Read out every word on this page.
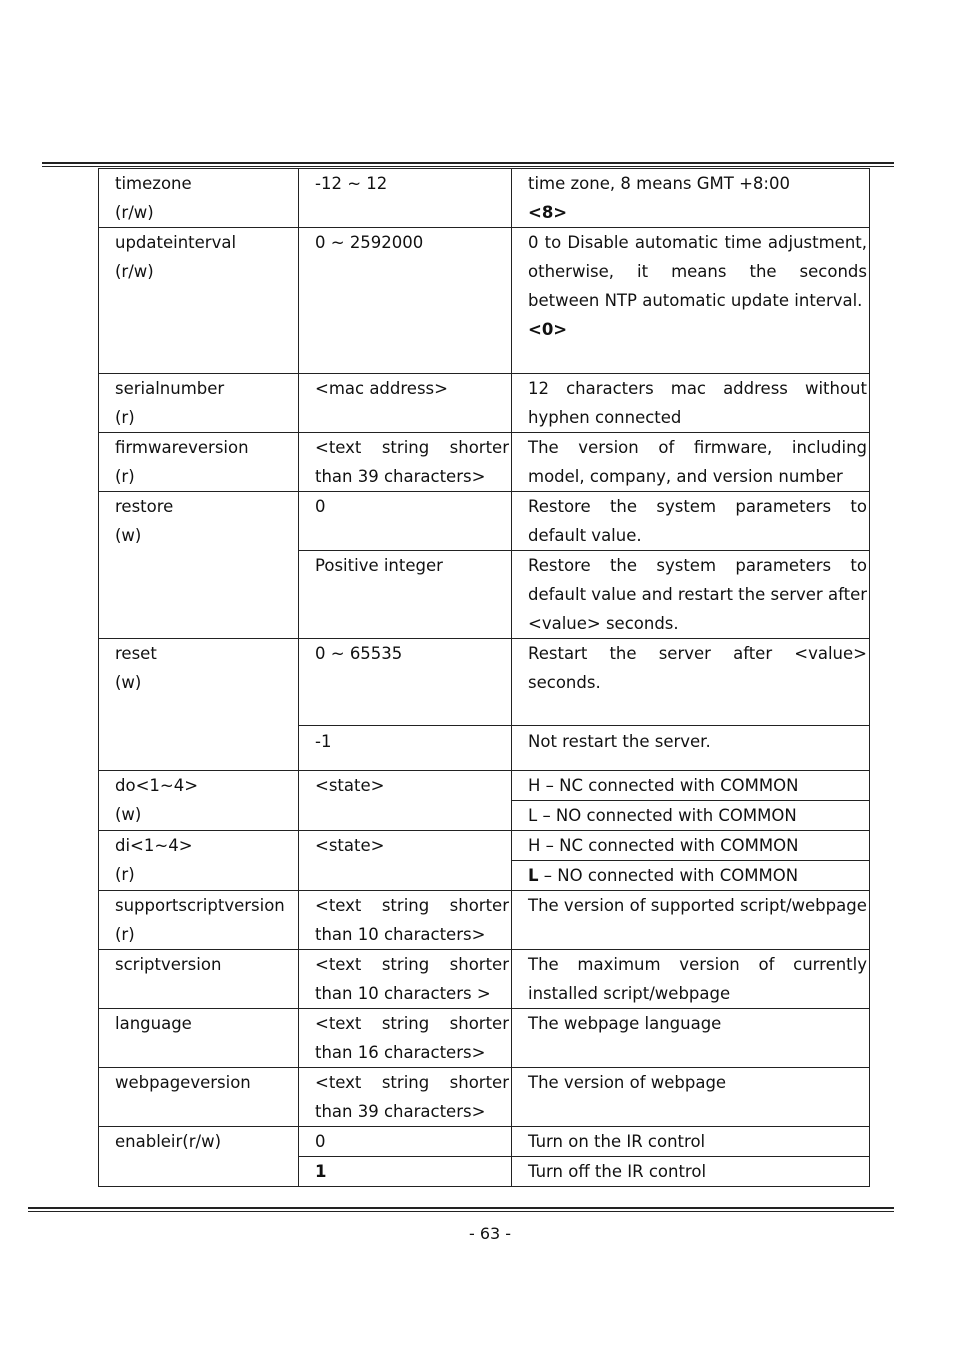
timezone
(r/w)	-12 ~ 12	time zone, 8 means GMT +8:00
<8>

updateinterval
(r/w)	0 ~ 2592000	0 to Disable automatic time adjustment, otherwise, it means the seconds between NTP automatic update interval.
<0>

serialnumber
(r)	<mac address>	12 characters mac address without hyphen connected

firmwareversion
(r)	<text string shorter than 39 characters>	The version of firmware, including model, company, and version number

restore
(w)	0	Restore the system parameters to default value.
	Positive integer	Restore the system parameters to default value and restart the server after <value> seconds.

reset
(w)	0 ~ 65535	Restart the server after <value> seconds.
	-1	Not restart the server.

do<1~4>
(w)	<state>	H – NC connected with COMMON
		L – NO connected with COMMON

di<1~4>
(r)	<state>	H – NC connected with COMMON
		L – NO connected with COMMON

supportscriptversion
(r)	<text string shorter than 10 characters>	The version of supported script/webpage

scriptversion	<text string shorter than 10 characters >	The maximum version of currently installed script/webpage

language	<text string shorter than 16 characters>	The webpage language

webpageversion	<text string shorter than 39 characters>	The version of webpage

enableir(r/w)	0	Turn on the IR control
	1	Turn off the IR control
- 63 -
